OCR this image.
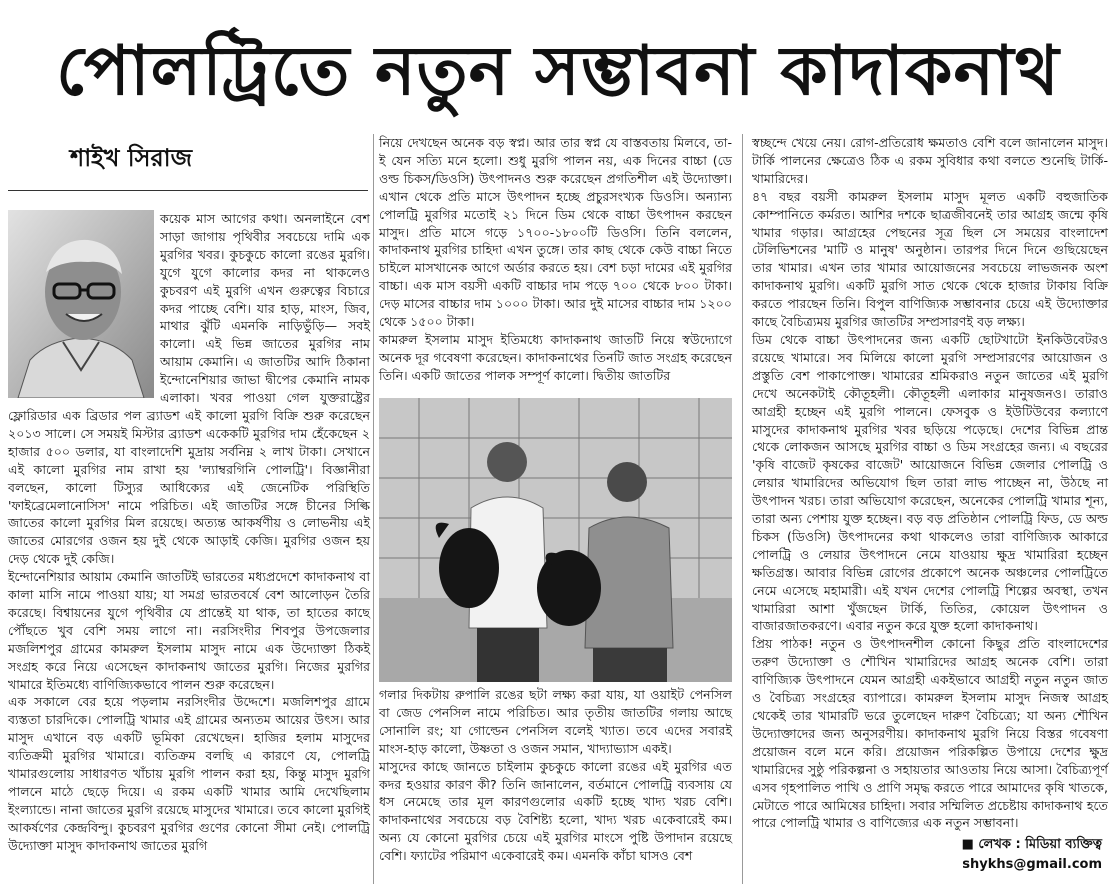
পোলট্রিতে নতুন সম্ভাবনা কাদাকনাথ
শাইখ সিরাজ

কয়েক মাস আগের কথা। অনলাইনে বেশ সাড়া জাগায় পৃথিবীর সবচেয়ে দামি এক মুরগির খবর। কুচকুচে কালো রঙের মুরগি। যুগে যুগে কালোর কদর না থাকলেও কুচবরণ এই মুরগি এখন গুরুত্বের বিচারে কদর পাচ্ছে বেশি। যার হাড়, মাংস, জিব, মাথার ঝুঁটি এমনকি নাড়িভুঁড়ি— সবই কালো। এই ভিন্ন জাতের মুরগির নাম আয়াম কেমানি। এ জাতটির আদি ঠিকানা ইন্দোনেশিয়ার জাভা দ্বীপের কেমানি নামক এলাকা। খবর পাওয়া গেল যুক্তরাষ্ট্রের ফ্লোরিডার এক ব্রিডার পল ব্র্যাডশ এই কালো মুরগি বিক্রি শুরু করেছেন ২০১৩ সালে। সে সময়ই মিস্টার ব্র্যাডশ একেকটি মুরগির দাম হেঁকেছেন ২ হাজার ৫০০ ডলার, যা বাংলাদেশি মুদ্রায় সর্বনিম্ন ২ লাখ টাকা। সেখানে এই কালো মুরগির নাম রাখা হয় 'ল্যাম্বরগিনি পোলট্রি'। বিজ্ঞানীরা বলছেন, কালো টিস্যুর আধিক্যের এই জেনেটিক পরিস্থিতি 'ফাইব্রেমেলানোসিস' নামে পরিচিত। এই জাতটির সঙ্গে চীনের সিল্কি জাতের কালো মুরগির মিল রয়েছে। অত্যন্ত আকর্ষণীয় ও লোভনীয় এই জাতের মোরগের ওজন হয় দুই থেকে আড়াই কেজি। মুরগির ওজন হয় দেড় থেকে দুই কেজি।

ইন্দোনেশিয়ার আয়াম কেমানি জাতটিই ভারতের মধ্যপ্রদেশে কাদাকনাথ বা কালা মাসি নামে পাওয়া যায়; যা সমগ্র ভারতবর্ষে বেশ আলোড়ন তৈরি করেছে। বিশ্বায়নের যুগে পৃথিবীর যে প্রান্তেই যা থাক, তা হাতের কাছে পৌঁছতে খুব বেশি সময় লাগে না। নরসিংদীর শিবপুর উপজেলার মজলিশপুর গ্রামের কামরুল ইসলাম মাসুদ নামে এক উদ্যোক্তা ঠিকই সংগ্রহ করে নিয়ে এসেছেন কাদাকনাথ জাতের মুরগি। নিজের মুরগির খামারে ইতিমধ্যে বাণিজ্যিকভাবে পালন শুরু করেছেন।

এক সকালে বের হয়ে পড়লাম নরসিংদীর উদ্দেশে। মজলিশপুর গ্রামে ব্যস্ততা চারদিকে। পোলট্রি খামার এই গ্রামের অন্যতম আয়ের উৎস। আর মাসুদ এখানে বড় একটি ভূমিকা রেখেছেন। হাজির হলাম মাসুদের ব্যতিক্রমী মুরগির খামারে। ব্যতিক্রম বলছি এ কারণে যে, পোলট্রি খামারগুলোয় সাধারণত খাঁচায় মুরগি পালন করা হয়, কিন্তু মাসুদ মুরগি পালনে মাঠে ছেড়ে দিয়ে। এ রকম একটি খামার আমি দেখেছিলাম ইংল্যান্ডে। নানা জাতের মুরগি রয়েছে মাসুদের খামারে। তবে কালো মুরগিই আকর্ষণের কেন্দ্রবিন্দু। কুচবরণ মুরগির গুণের কোনো সীমা নেই। পোলট্রি উদ্যোক্তা মাসুদ কাদাকনাথ জাতের মুরগি

নিয়ে দেখছেন অনেক বড় স্বপ্ন। আর তার স্বপ্ন যে বাস্তবতায় মিলবে, তা-ই যেন সত্যি মনে হলো। শুধু মুরগি পালন নয়, এক দিনের বাচ্চা (ডে ওল্ড চিকস/ডিওসি) উৎপাদনও শুরু করেছেন প্রগতিশীল এই উদ্যোক্তা। এখান থেকে প্রতি মাসে উৎপাদন হচ্ছে প্রচুরসংখ্যক ডিওসি। অন্যান্য পোলট্রি মুরগির মতোই ২১ দিনে ডিম থেকে বাচ্চা উৎপাদন করছেন মাসুদ। প্রতি মাসে গড়ে ১৭০০-১৮০০টি ডিওসি। তিনি বললেন, কাদাকনাথ মুরগির চাহিদা এখন তুঙ্গে। তার কাছ থেকে কেউ বাচ্চা নিতে চাইলে মাসখানেক আগে অর্ডার করতে হয়। বেশ চড়া দামের এই মুরগির বাচ্চা। এক মাস বয়সী একটি বাচ্চার দাম পড়ে ৭০০ থেকে ৮০০ টাকা। দেড় মাসের বাচ্চার দাম ১০০০ টাকা। আর দুই মাসের বাচ্চার দাম ১২০০ থেকে ১৫০০ টাকা।

কামরুল ইসলাম মাসুদ ইতিমধ্যে কাদাকনাথ জাতটি নিয়ে স্বউদ্যোগে অনেক দূর গবেষণা করেছেন। কাদাকনাথের তিনটি জাত সংগ্রহ করেছেন তিনি। একটি জাতের পালক সম্পূর্ণ কালো। দ্বিতীয় জাতটির

গলার দিকটায় রুপালি রঙের ছটা লক্ষ্য করা যায়, যা ওয়াইট পেনসিল বা জেড পেনসিল নামে পরিচিত। আর তৃতীয় জাতটির গলায় আছে সোনালি রং; যা গোল্ডেন পেনসিল বলেই খ্যাত। তবে এদের সবারই মাংস-হাড় কালো, উষ্ণতা ও ওজন সমান, খাদ্যাভ্যাস একই।

মাসুদের কাছে জানতে চাইলাম কুচকুচে কালো রঙের এই মুরগির এত কদর হওয়ার কারণ কী? তিনি জানালেন, বর্তমানে পোলট্রি ব্যবসায় যে ধস নেমেছে তার মূল কারণগুলোর একটি হচ্ছে খাদ্য খরচ বেশি। কাদাকনাথের সবচেয়ে বড় বৈশিষ্ট্য হলো, খাদ্য খরচ একেবারেই কম। অন্য যে কোনো মুরগির চেয়ে এই মুরগির মাংসে পুষ্টি উপাদান রয়েছে বেশি। ফ্যাটের পরিমাণ একেবারেই কম। এমনকি কাঁচা ঘাসও বেশ

স্বচ্ছন্দে খেয়ে নেয়। রোগ-প্রতিরোধ ক্ষমতাও বেশি বলে জানালেন মাসুদ। টার্কি পালনের ক্ষেত্রেও ঠিক এ রকম সুবিধার কথা বলতে শুনেছি টার্কি-খামারিদের।

৪৭ বছর বয়সী কামরুল ইসলাম মাসুদ মূলত একটি বহুজাতিক কোম্পানিতে কর্মরত। আশির দশকে ছাত্রজীবনেই তার আগ্রহ জন্মে কৃষি খামার গড়ার। আগ্রহের পেছনের সূত্র ছিল সে সময়ের বাংলাদেশ টেলিভিশনের 'মাটি ও মানুষ' অনুষ্ঠান। তারপর দিনে দিনে গুছিয়েছেন তার খামার। এখন তার খামার আয়োজনের সবচেয়ে লাভজনক অংশ কাদাকনাথ মুরগি। একটি মুরগি সাত থেকে থেকে হাজার টাকায় বিক্রি করতে পারছেন তিনি। বিপুল বাণিজ্যিক সম্ভাবনার চেয়ে এই উদ্যোক্তার কাছে বৈচিত্র্যময় মুরগির জাতটির সম্প্রসারণই বড় লক্ষ্য।

ডিম থেকে বাচ্চা উৎপাদনের জন্য একটি ছোটখাটো ইনকিউবেটরও রয়েছে খামারে। সব মিলিয়ে কালো মুরগি সম্প্রসারণের আয়োজন ও প্রস্তুতি বেশ পাকাপোক্ত। খামারের শ্রমিকরাও নতুন জাতের এই মুরগি দেখে অনেকটাই কৌতূহলী। কৌতূহলী এলাকার মানুষজনও। তারাও আগ্রহী হচ্ছেন এই মুরগি পালনে। ফেসবুক ও ইউটিউবের কল্যাণে মাসুদের কাদাকনাথ মুরগির খবর ছড়িয়ে পড়েছে। দেশের বিভিন্ন প্রান্ত থেকে লোকজন আসছে মুরগির বাচ্চা ও ডিম সংগ্রহের জন্য। এ বছরের 'কৃষি বাজেট কৃষকের বাজেট' আয়োজনে বিভিন্ন জেলার পোলট্রি ও লেয়ার খামারিদের অভিযোগ ছিল তারা লাভ পাচ্ছেন না, উঠছে না উৎপাদন খরচ। তারা অভিযোগ করেছেন, অনেকের পোলট্রি খামার শূন্য, তারা অন্য পেশায় যুক্ত হচ্ছেন। বড় বড় প্রতিষ্ঠান পোলট্রি ফিড, ডে অল্ড চিকস (ডিওসি) উৎপাদনের কথা থাকলেও তারা বাণিজ্যিক আকারে পোলট্রি ও লেয়ার উৎপাদনে নেমে যাওয়ায় ক্ষুদ্র খামারিরা হচ্ছেন ক্ষতিগ্রস্ত। আবার বিভিন্ন রোগের প্রকোপে অনেক অঞ্চলের পোলট্রিতে নেমে এসেছে মহামারী। এই যখন দেশের পোলট্রি শিল্পের অবস্থা, তখন খামারিরা আশা খুঁজছেন টার্কি, তিতির, কোয়েল উৎপাদন ও বাজারজাতকরণে। এবার নতুন করে যুক্ত হলো কাদাকনাথ।

প্রিয় পাঠক! নতুন ও উৎপাদনশীল কোনো কিছুর প্রতি বাংলাদেশের তরুণ উদ্যোক্তা ও শৌখিন খামারিদের আগ্রহ অনেক বেশি। তারা বাণিজ্যিক উৎপাদনে যেমন আগ্রহী একইভাবে আগ্রহী নতুন নতুন জাত ও বৈচিত্র্য সংগ্রহের ব্যাপারে। কামরুল ইসলাম মাসুদ নিজস্ব আগ্রহ থেকেই তার খামারটি ভরে তুলেছেন দারুণ বৈচিত্র্যে; যা অন্য শৌখিন উদ্যোক্তাদের জন্য অনুসরণীয়। কাদাকনাথ মুরগি নিয়ে বিস্তর গবেষণা প্রয়োজন বলে মনে করি। প্রয়োজন পরিকল্পিত উপায়ে দেশের ক্ষুদ্র খামারিদের সুষ্ঠু পরিকল্পনা ও সহায়তার আওতায় নিয়ে আসা। বৈচিত্র্যপূর্ণ এসব গৃহপালিত পাখি ও প্রাণি সমৃদ্ধ করতে পারে আমাদের কৃষি খাতকে, মেটাতে পারে আমিষের চাহিদা। সবার সম্মিলিত প্রচেষ্টায় কাদাকনাথ হতে পারে পোলট্রি খামার ও বাণিজ্যের এক নতুন সম্ভাবনা।

■ লেখক : মিডিয়া ব্যক্তিত্ব
shykhs@gmail.com
